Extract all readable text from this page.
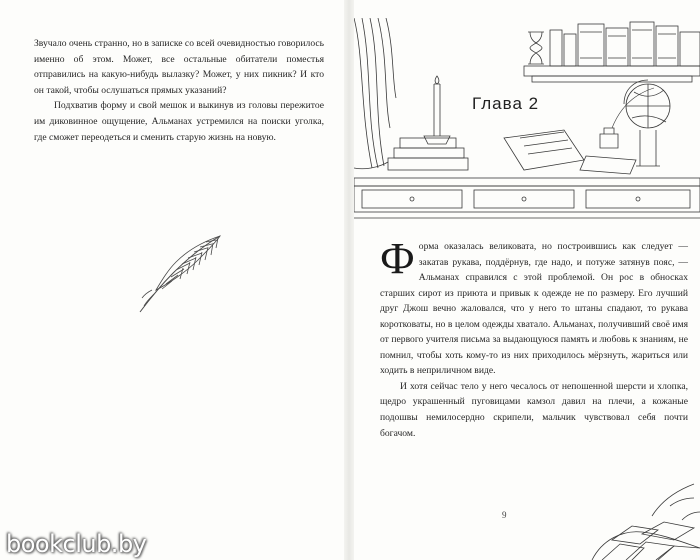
Звучало очень странно, но в записке со всей очевидностью говорилось именно об этом. Может, все остальные обитатели поместья отправились на какую-нибудь вылазку? Может, у них пикник? И кто он такой, чтобы ослушаться прямых указаний?

Подхватив форму и свой мешок и выкинув из головы пережитое им диковинное ощущение, Альманах устремился на поиски уголка, где сможет переодеться и сменить старую жизнь на новую.

Глава 2

Форма оказалась великовата, но построившись как следует — закатав рукава, поддёрнув, где надо, и потуже затянув пояс, — Альманах справился с этой проблемой. Он рос в обносках старших сирот из приюта и привык к одежде не по размеру. Его лучший друг Джош вечно жаловался, что у него то штаны спадают, то рукава коротковаты, но в целом одежды хватало. Альманах, получивший своё имя от первого учителя письма за выдающуюся память и любовь к знаниям, не помнил, чтобы хоть кому-то из них приходилось мёрзнуть, жариться или ходить в неприличном виде.

И хотя сейчас тело у него чесалось от непошенной шерсти и хлопка, щедро украшенный пуговицами камзол давил на плечи, а кожаные подошвы немилосердно скрипели, мальчик чувствовал себя почти богачом.

9
bookclub.by
